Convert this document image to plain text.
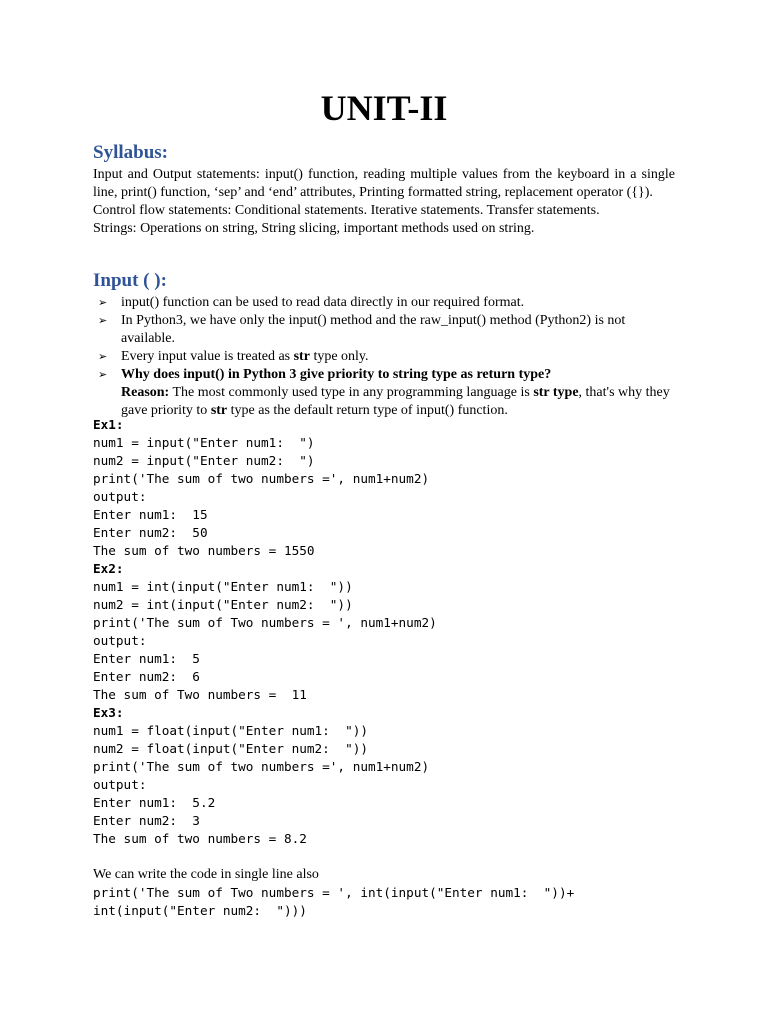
UNIT-II
Syllabus:
Input and Output statements: input() function, reading multiple values from the keyboard in a single line, print() function, ‘sep’ and ‘end’ attributes, Printing formatted string, replacement operator ({}).
Control flow statements: Conditional statements. Iterative statements. Transfer statements.
Strings: Operations on string, String slicing, important methods used on string.
Input ( ):
➢ input() function can be used to read data directly in our required format.
➢ In Python3, we have only the input() method and the raw_input() method (Python2) is not available.
➢ Every input value is treated as str type only.
➢ Why does input() in Python 3 give priority to string type as return type?
Reason: The most commonly used type in any programming language is str type, that's why they gave priority to str type as the default return type of input() function.
Ex1:
num1 = input("Enter num1:  ")
num2 = input("Enter num2:  ")
print('The sum of two numbers =', num1+num2)
output:
Enter num1:  15
Enter num2:  50
The sum of two numbers = 1550
Ex2:
num1 = int(input("Enter num1:  "))
num2 = int(input("Enter num2:  "))
print('The sum of Two numbers = ', num1+num2)
output:
Enter num1:  5
Enter num2:  6
The sum of Two numbers =  11
Ex3:
num1 = float(input("Enter num1:  "))
num2 = float(input("Enter num2:  "))
print('The sum of two numbers =', num1+num2)
output:
Enter num1:  5.2
Enter num2:  3
The sum of two numbers = 8.2
We can write the code in single line also
print('The sum of Two numbers = ', int(input("Enter num1:  "))+
int(input("Enter num2:  ")))
